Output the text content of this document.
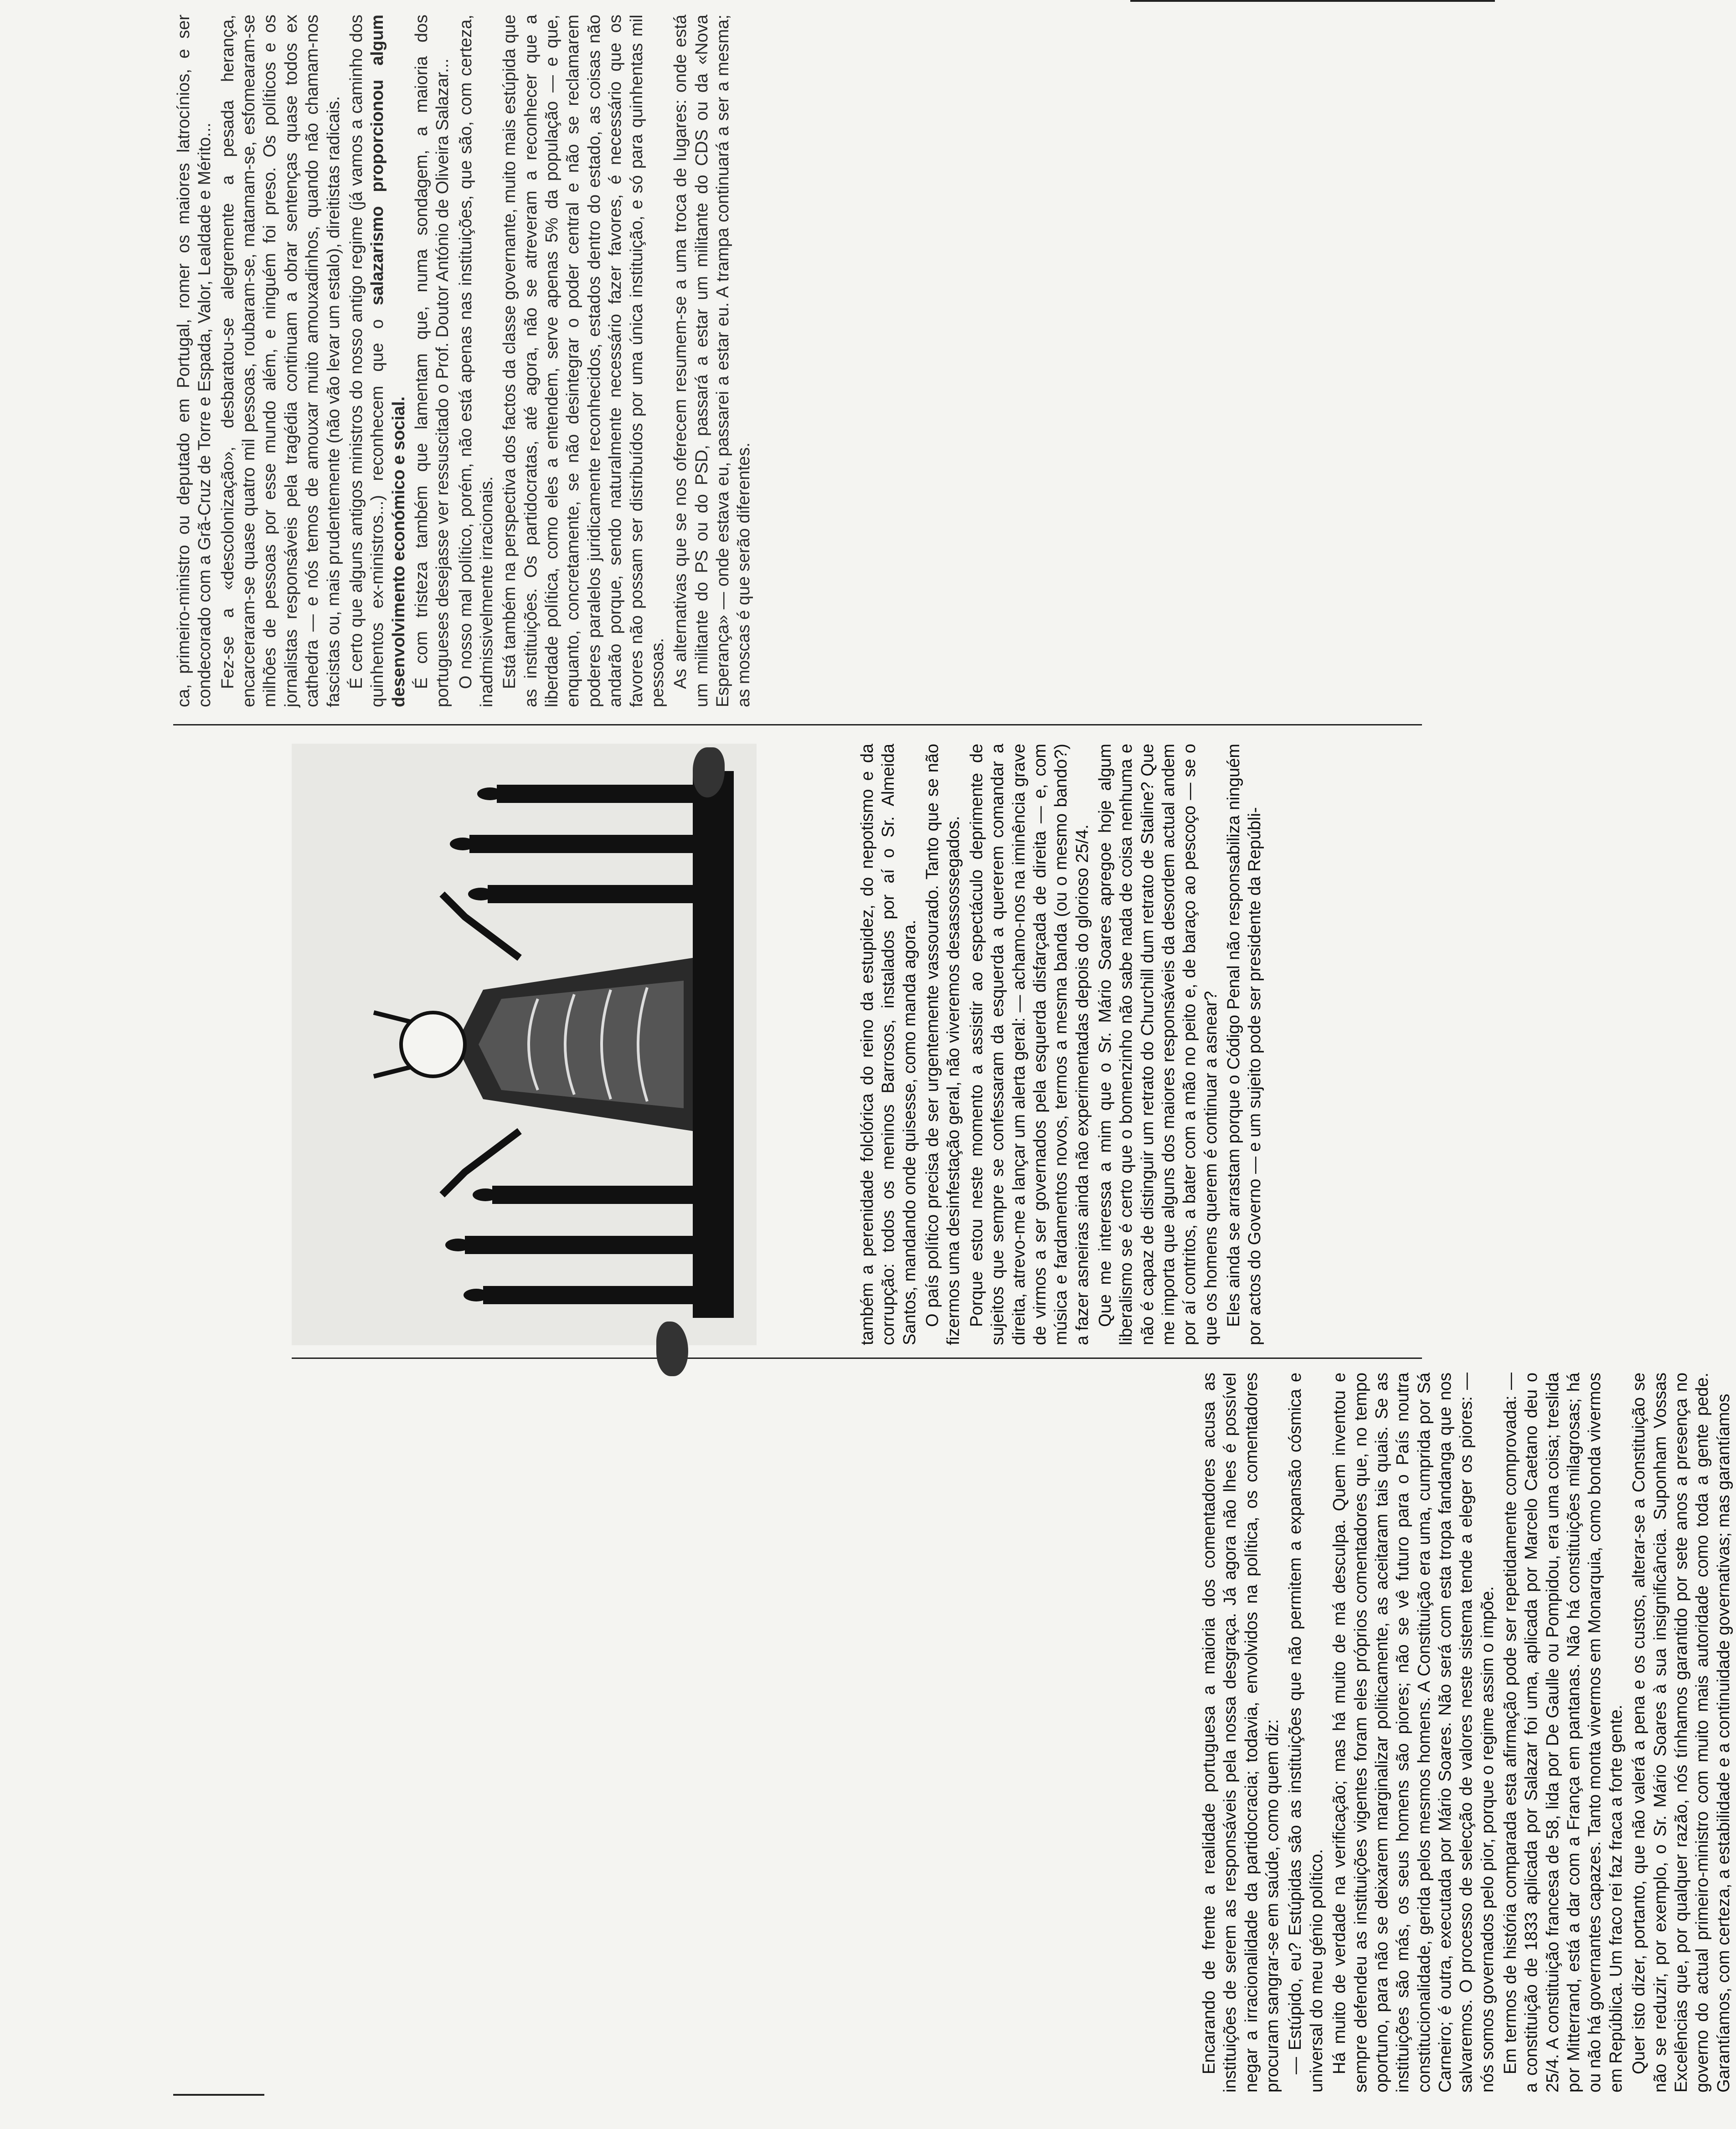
Encarando de frente a realidade portuguesa a maioria dos comentadores acusa as instituições de serem as responsáveis pela nossa desgraça. Já agora não lhes é possível negar a irracionalidade da partidocracia; todavia, envolvidos na política, os comentadores procuram sangrar-se em saúde, como quem diz: — Estúpido, eu? Estúpidas são as instituições que não permitem a expansão cósmica e universal do meu génio político. Há muito de verdade na verificação; mas há muito de má desculpa. Quem inventou e sempre defendeu as instituições vigentes foram eles próprios comentadores que, no tempo oportuno, para não se deixarem marginalizar politicamente, as aceitaram tais quais. Se as instituições são más, os seus homens são piores; não se vê futuro para o País noutra constitucionalidade, gerida pelos mesmos homens. A Constituição era uma, cumprida por Sá Carneiro; é outra, executada por Mário Soares. Não será com esta tropa fandanga que nos salvaremos. O processo de selecção de valores neste sistema tende a eleger os piores: — nós somos governados pelo pior, porque o regime assim o impõe. Em termos de história comparada esta afirmação pode ser repetidamente comprovada: — a constituição de 1833 aplicada por Salazar foi uma, aplicada por Marcelo Caetano deu o 25/4. A constituição francesa de 58, lida por De Gaulle ou Pompidou, era uma coisa; treslida por Mitterrand, está a dar com a França em pantanas. Não há constituições milagrosas; há ou não há governantes capazes. Tanto monta vivermos em Monarquia, como bonda vivermos em República. Um fraco rei faz fraca a forte gente. Quer isto dizer, portanto, que não valerá a pena e os custos, alterar-se a Constituição se não se reduzir, por exemplo, o Sr. Mário Soares à sua insignificância. Suponham Vossas Excelências que, por qualquer razão, nós tínhamos garantido por sete anos a presença no governo do actual primeiro-ministro com muito mais autoridade como toda a gente pede. Garantíamos, com certeza, a estabilidade e a continuidade governativas; mas garantíamos

também a perenidade folclórica do reino da estupidez, do nepotismo e da corrupção: todos os meninos Barrosos, instalados por aí o Sr. Almeida Santos, mandando onde quisesse, como manda agora. O país político precisa de ser urgentemente vassourado. Tanto que se não fizermos uma desinfestação geral, não viveremos desassossegados. Porque estou neste momento a assistir ao espectáculo deprimente de sujeitos que sempre se confessaram da esquerda a quererem comandar a direita, atrevo-me a lançar um alerta geral: — achamo-nos na iminência grave de virmos a ser governados pela esquerda disfarçada de direita — e, com música e fardamentos novos, termos a mesma banda (ou o mesmo bando?) a fazer asneiras ainda não experimentadas depois do glorioso 25/4. Que me interessa a mim que o Sr. Mário Soares apregoe hoje algum liberalismo se é certo que o bomenzinho não sabe nada de coisa nenhuma e não é capaz de distinguir um retrato do Churchill dum retrato de Staline? Que me importa que alguns dos maiores responsáveis da desordem actual andem por aí contritos, a bater com a mão no peito e, de baraço ao pescoço — se o que os homens querem é continuar a asnear? Eles ainda se arrastam porque o Código Penal não responsabiliza ninguém por actos do Governo — e um sujeito pode ser presidente da Repúbli-

ca, primeiro-ministro ou deputado em Portugal, romer os maiores latrocínios, e ser condecorado com a Grã-Cruz de Torre e Espada, Valor, Lealdade e Mérito... Fez-se a «descolonização», desbaratou-se alegremente a pesada herança, encarceraram-se quase quatro mil pessoas, roubaram-se, matamam-se, esfomearam-se milhões de pessoas por esse mundo além, e ninguém foi preso. Os políticos e os jornalistas responsáveis pela tragédia continuam a obrar sentenças quase todos ex cathedra — e nós temos de amouxar muito amouxadinhos, quando não chamam-nos fascistas ou, mais prudentemente (não vão levar um estalo), direitistas radicais. É certo que alguns antigos ministros do nosso antigo regime (já vamos a caminho dos quinhentos ex-ministros...) reconhecem que o salazarismo proporcionou algum desenvolvimento económico e social. É com tristeza também que lamentam que, numa sondagem, a maioria dos portugueses desejasse ver ressuscitado o Prof. Doutor António de Oliveira Salazar... O nosso mal político, porém, não está apenas nas instituições, que são, com certeza, inadmissivelmente irracionais. Está também na perspectiva dos factos da classe governante, muito mais estúpida que as instituições. Os partidocratas, até agora, não se atreveram a reconhecer que a liberdade política, como eles a entendem, serve apenas 5% da população — e que, enquanto, concretamente, se não desintegrar o poder central e não se reclamarem poderes paralelos juridicamente reconhecidos, estados dentro do estado, as coisas não andarão porque, sendo naturalmente necessário fazer favores, é necessário que os favores não possam ser distribuídos por uma única instituição, e só para quinhentas mil pessoas. As alternativas que se nos oferecem resumem-se a uma troca de lugares: onde está um militante do PS ou do PSD, passará a estar um militante do CDS ou da «Nova Esperança» — onde estava eu, passarei a estar eu. A trampa continuará a ser a mesma; as moscas é que serão diferentes.
